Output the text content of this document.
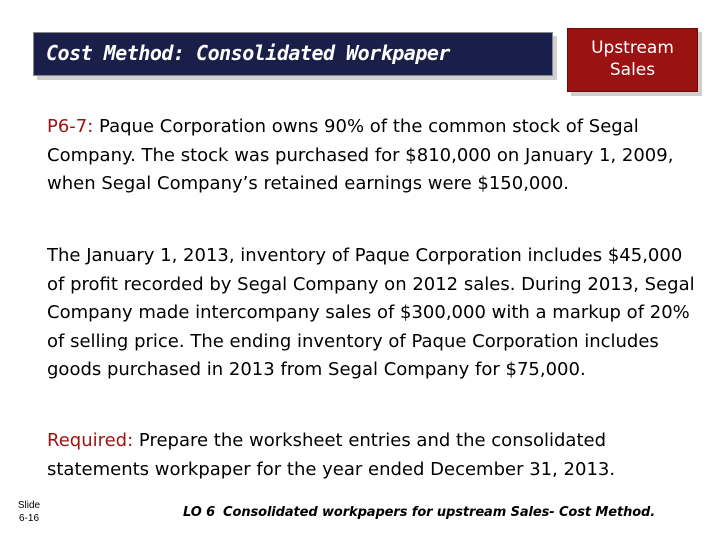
Cost Method: Consolidated Workpaper	Upstream
Sales

P6-7: Paque Corporation owns 90% of the common stock of Segal Company. The stock was purchased for $810,000 on January 1, 2009, when Segal Company’s retained earnings were $150,000.

The January 1, 2013, inventory of Paque Corporation includes $45,000 of profit recorded by Segal Company on 2012 sales. During 2013, Segal Company made intercompany sales of $300,000 with a markup of 20% of selling price. The ending inventory of Paque Corporation includes goods purchased in 2013 from Segal Company for $75,000.

Required: Prepare the worksheet entries and the consolidated statements workpaper for the year ended December 31, 2013.

Slide
6-16	LO 6 Consolidated workpapers for upstream Sales- Cost Method.
